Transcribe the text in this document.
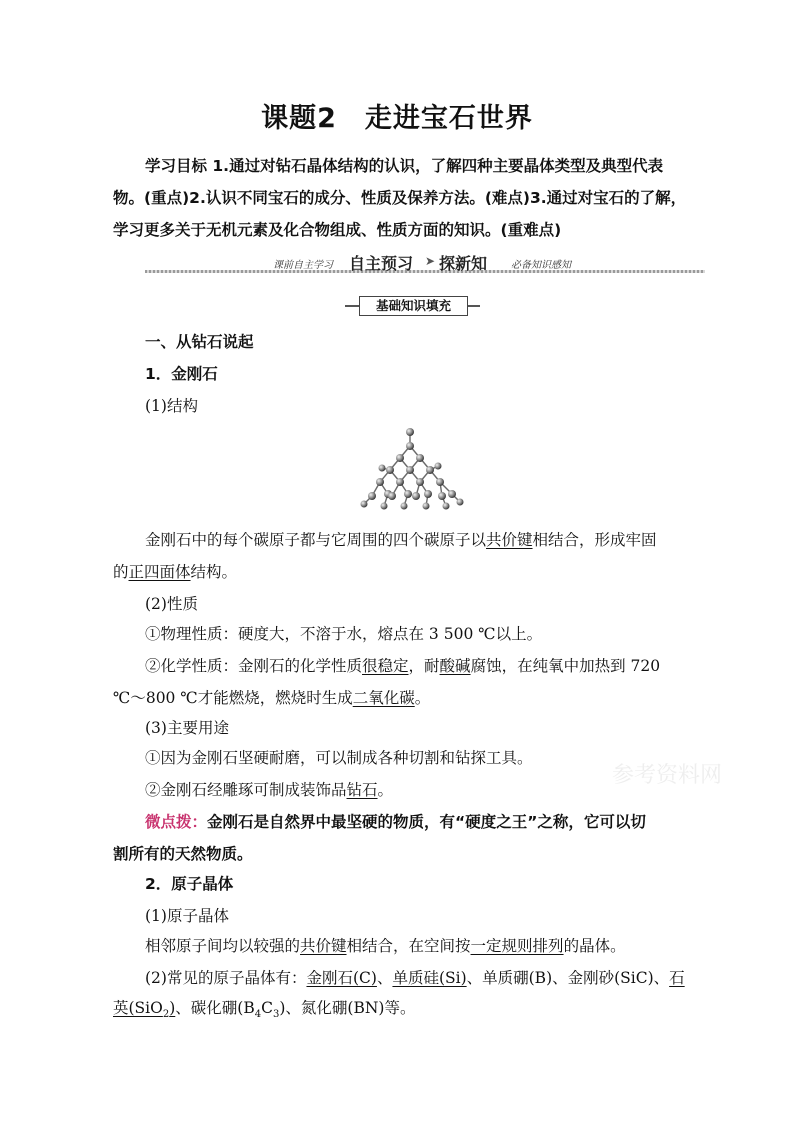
课题2　走进宝石世界
学习目标 1.通过对钻石晶体结构的认识，了解四种主要晶体类型及典型代表
物。(重点)2.认识不同宝石的成分、性质及保养方法。(难点)3.通过对宝石的了解，
学习更多关于无机元素及化合物组成、性质方面的知识。(重难点)
课前自主学习 自主预习 ➤ 探新知 必备知识感知
基础知识填充
一、从钻石说起
1．金刚石
(1)结构
金刚石中的每个碳原子都与它周围的四个碳原子以共价键相结合，形成牢固
的正四面体结构。
(2)性质
①物理性质：硬度大，不溶于水，熔点在 3 500 ℃以上。
②化学性质：金刚石的化学性质很稳定，耐酸碱腐蚀，在纯氧中加热到 720
℃～800 ℃才能燃烧，燃烧时生成二氧化碳。
(3)主要用途
①因为金刚石坚硬耐磨，可以制成各种切割和钻探工具。
②金刚石经雕琢可制成装饰品钻石。
参考资料网
微点拨：金刚石是自然界中最坚硬的物质，有“硬度之王”之称，它可以切
割所有的天然物质。
2．原子晶体
(1)原子晶体
相邻原子间均以较强的共价键相结合，在空间按一定规则排列的晶体。
(2)常见的原子晶体有：金刚石(C)、单质硅(Si)、单质硼(B)、金刚砂(SiC)、石
英(SiO$_2$)、碳化硼$(B_4C_3)$、氮化硼(BN)等。
